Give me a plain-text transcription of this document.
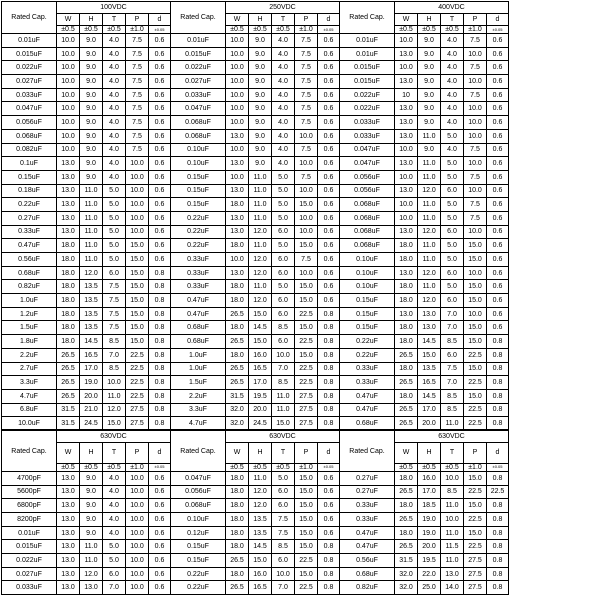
Rated Cap.	100VDC					Rated Cap.	250VDC					Rated Cap.	400VDC				
	W	H	T	P	d		W	H	T	P	d		W	H	T	P	d
	±0.5	±0.5	±0.5	±1.0	±0.05		±0.5	±0.5	±0.5	±1.0	±0.05		±0.5	±0.5	±0.5	±1.0	±0.05
0.01uF	10.0	9.0	4.0	7.5	0.6	0.01uF	10.0	9.0	4.0	7.5	0.6	0.01uF	10.0	9.0	4.0	7.5	0.6
0.015uF	10.0	9.0	4.0	7.5	0.6	0.015uF	10.0	9.0	4.0	7.5	0.6	0.01uF	13.0	9.0	4.0	10.0	0.6
0.022uF	10.0	9.0	4.0	7.5	0.6	0.022uF	10.0	9.0	4.0	7.5	0.6	0.015uF	10.0	9.0	4.0	7.5	0.6
0.027uF	10.0	9.0	4.0	7.5	0.6	0.027uF	10.0	9.0	4.0	7.5	0.6	0.015uF	13.0	9.0	4.0	10.0	0.6
0.033uF	10.0	9.0	4.0	7.5	0.6	0.033uF	10.0	9.0	4.0	7.5	0.6	0.022uF	10	9.0	4.0	7.5	0.6
0.047uF	10.0	9.0	4.0	7.5	0.6	0.047uF	10.0	9.0	4.0	7.5	0.6	0.022uF	13.0	9.0	4.0	10.0	0.6
0.056uF	10.0	9.0	4.0	7.5	0.6	0.068uF	10.0	9.0	4.0	7.5	0.6	0.033uF	13.0	9.0	4.0	10.0	0.6
0.068uF	10.0	9.0	4.0	7.5	0.6	0.068uF	13.0	9.0	4.0	10.0	0.6	0.033uF	13.0	11.0	5.0	10.0	0.6
0.082uF	10.0	9.0	4.0	7.5	0.6	0.10uF	10.0	9.0	4.0	7.5	0.6	0.047uF	10.0	9.0	4.0	7.5	0.6
0.1uF	13.0	9.0	4.0	10.0	0.6	0.10uF	13.0	9.0	4.0	10.0	0.6	0.047uF	13.0	11.0	5.0	10.0	0.6
0.15uF	13.0	9.0	4.0	10.0	0.6	0.15uF	10.0	11.0	5.0	7.5	0.6	0.056uF	10.0	11.0	5.0	7.5	0.6
0.18uF	13.0	11.0	5.0	10.0	0.6	0.15uF	13.0	11.0	5.0	10.0	0.6	0.056uF	13.0	12.0	6.0	10.0	0.6
0.22uF	13.0	11.0	5.0	10.0	0.6	0.15uF	18.0	11.0	5.0	15.0	0.6	0.068uF	10.0	11.0	5.0	7.5	0.6
0.27uF	13.0	11.0	5.0	10.0	0.6	0.22uF	13.0	11.0	5.0	10.0	0.6	0.068uF	10.0	11.0	5.0	7.5	0.6
0.33uF	13.0	11.0	5.0	10.0	0.6	0.22uF	13.0	12.0	6.0	10.0	0.6	0.068uF	13.0	12.0	6.0	10.0	0.6
0.47uF	18.0	11.0	5.0	15.0	0.6	0.22uF	18.0	11.0	5.0	15.0	0.6	0.068uF	18.0	11.0	5.0	15.0	0.6
0.56uF	18.0	11.0	5.0	15.0	0.6	0.33uF	10.0	12.0	6.0	7.5	0.6	0.10uF	18.0	11.0	5.0	15.0	0.6
0.68uF	18.0	12.0	6.0	15.0	0.8	0.33uF	13.0	12.0	6.0	10.0	0.6	0.10uF	13.0	12.0	6.0	10.0	0.6
0.82uF	18.0	13.5	7.5	15.0	0.8	0.33uF	18.0	11.0	5.0	15.0	0.6	0.10uF	18.0	11.0	5.0	15.0	0.6
1.0uF	18.0	13.5	7.5	15.0	0.8	0.47uF	18.0	12.0	6.0	15.0	0.6	0.15uF	18.0	12.0	6.0	15.0	0.6
1.2uF	18.0	13.5	7.5	15.0	0.8	0.47uF	26.5	15.0	6.0	22.5	0.8	0.15uF	13.0	13.0	7.0	10.0	0.6
1.5uF	18.0	13.5	7.5	15.0	0.8	0.68uF	18.0	14.5	8.5	15.0	0.8	0.15uF	18.0	13.0	7.0	15.0	0.6
1.8uF	18.0	14.5	8.5	15.0	0.8	0.68uF	26.5	15.0	6.0	22.5	0.8	0.22uF	18.0	14.5	8.5	15.0	0.8
2.2uF	26.5	16.5	7.0	22.5	0.8	1.0uF	18.0	16.0	10.0	15.0	0.8	0.22uF	26.5	15.0	6.0	22.5	0.8
2.7uF	26.5	17.0	8.5	22.5	0.8	1.0uF	26.5	16.5	7.0	22.5	0.8	0.33uF	18.0	13.5	7.5	15.0	0.8
3.3uF	26.5	19.0	10.0	22.5	0.8	1.5uF	26.5	17.0	8.5	22.5	0.8	0.33uF	26.5	16.5	7.0	22.5	0.8
4.7uF	26.5	20.0	11.0	22.5	0.8	2.2uF	31.5	19.5	11.0	27.5	0.8	0.47uF	18.0	14.5	8.5	15.0	0.8
6.8uF	31.5	21.0	12.0	27.5	0.8	3.3uF	32.0	20.0	11.0	27.5	0.8	0.47uF	26.5	17.0	8.5	22.5	0.8
10.0uF	31.5	24.5	15.0	27.5	0.8	4.7uF	32.0	24.5	15.0	27.5	0.8	0.68uF	26.5	20.0	11.0	22.5	0.8
Rated Cap.	630VDC					Rated Cap.	630VDC					Rated Cap.	630VDC				
	W	H	T	P	d		W	H	T	P	d		W	H	T	P	d
	±0.5	±0.5	±0.5	±1.0	±0.05		±0.5	±0.5	±0.5	±1.0	±0.05		±0.5	±0.5	±0.5	±1.0	±0.05
4700pF	13.0	9.0	4.0	10.0	0.6	0.047uF	18.0	11.0	5.0	15.0	0.6	0.27uF	18.0	16.0	10.0	15.0	0.8
5600pF	13.0	9.0	4.0	10.0	0.6	0.056uF	18.0	12.0	6.0	15.0	0.6	0.27uF	26.5	17.0	8.5	22.5	22.5
6800pF	13.0	9.0	4.0	10.0	0.6	0.068uF	18.0	12.0	6.0	15.0	0.6	0.33uF	18.0	18.5	11.0	15.0	0.8
8200pF	13.0	9.0	4.0	10.0	0.6	0.10uF	18.0	13.5	7.5	15.0	0.6	0.33uF	26.5	19.0	10.0	22.5	0.8
0.01uF	13.0	9.0	4.0	10.0	0.6	0.12uF	18.0	13.5	7.5	15.0	0.6	0.47uF	18.0	19.0	11.0	15.0	0.8
0.015uF	13.0	11.0	5.0	10.0	0.6	0.15uF	18.0	14.5	8.5	15.0	0.8	0.47uF	26.5	20.0	11.5	22.5	0.8
0.022uF	13.0	11.0	5.0	10.0	0.6	0.15uF	26.5	15.0	6.0	22.5	0.8	0.56uF	31.5	19.5	11.0	27.5	0.8
0.027uF	13.0	12.0	6.0	10.0	0.6	0.22uF	18.0	16.0	10.0	15.0	0.8	0.68uF	32.0	22.0	13.0	27.5	0.8
0.033uF	13.0	13.0	7.0	10.0	0.6	0.22uF	26.5	16.5	7.0	22.5	0.8	0.82uF	32.0	25.0	14.0	27.5	0.8
